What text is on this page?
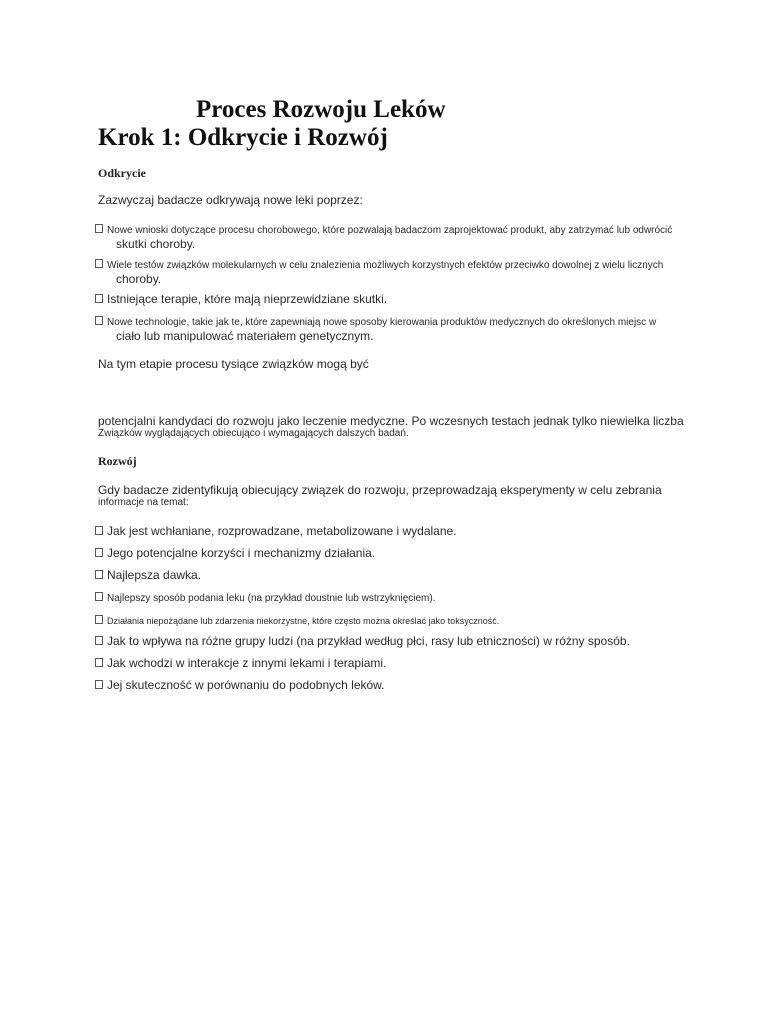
Proces Rozwoju Leków
Krok 1: Odkrycie i Rozwój
Odkrycie
Zazwyczaj badacze odkrywają nowe leki poprzez:
Nowe wnioski dotyczące procesu chorobowego, które pozwalają badaczom zaprojektować produkt, aby zatrzymać lub odwrócić
skutki choroby.
Wiele testów związków molekularnych w celu znalezienia możliwych korzystnych efektów przeciwko dowolnej z wielu licznych
choroby.
Istniejące terapie, które mają nieprzewidziane skutki.
Nowe technologie, takie jak te, które zapewniają nowe sposoby kierowania produktów medycznych do określonych miejsc w
ciało lub manipulować materiałem genetycznym.
Na tym etapie procesu tysiące związków mogą być
potencjalni kandydaci do rozwoju jako leczenie medyczne. Po wczesnych testach jednak tylko niewielka liczba
Związków wyglądających obiecująco i wymagających dalszych badań.
Rozwój
Gdy badacze zidentyfikują obiecujący związek do rozwoju, przeprowadzają eksperymenty w celu zebrania
informacje na temat:
Jak jest wchłaniane, rozprowadzane, metabolizowane i wydalane.
Jego potencjalne korzyści i mechanizmy działania.
Najlepsza dawka.
Najlepszy sposób podania leku (na przykład doustnie lub wstrzyknięciem).
Działania niepożądane lub zdarzenia niekorzystne, które często można określać jako toksyczność.
Jak to wpływa na różne grupy ludzi (na przykład według płci, rasy lub etniczności) w różny sposób.
Jak wchodzi w interakcje z innymi lekami i terapiami.
Jej skuteczność w porównaniu do podobnych leków.
